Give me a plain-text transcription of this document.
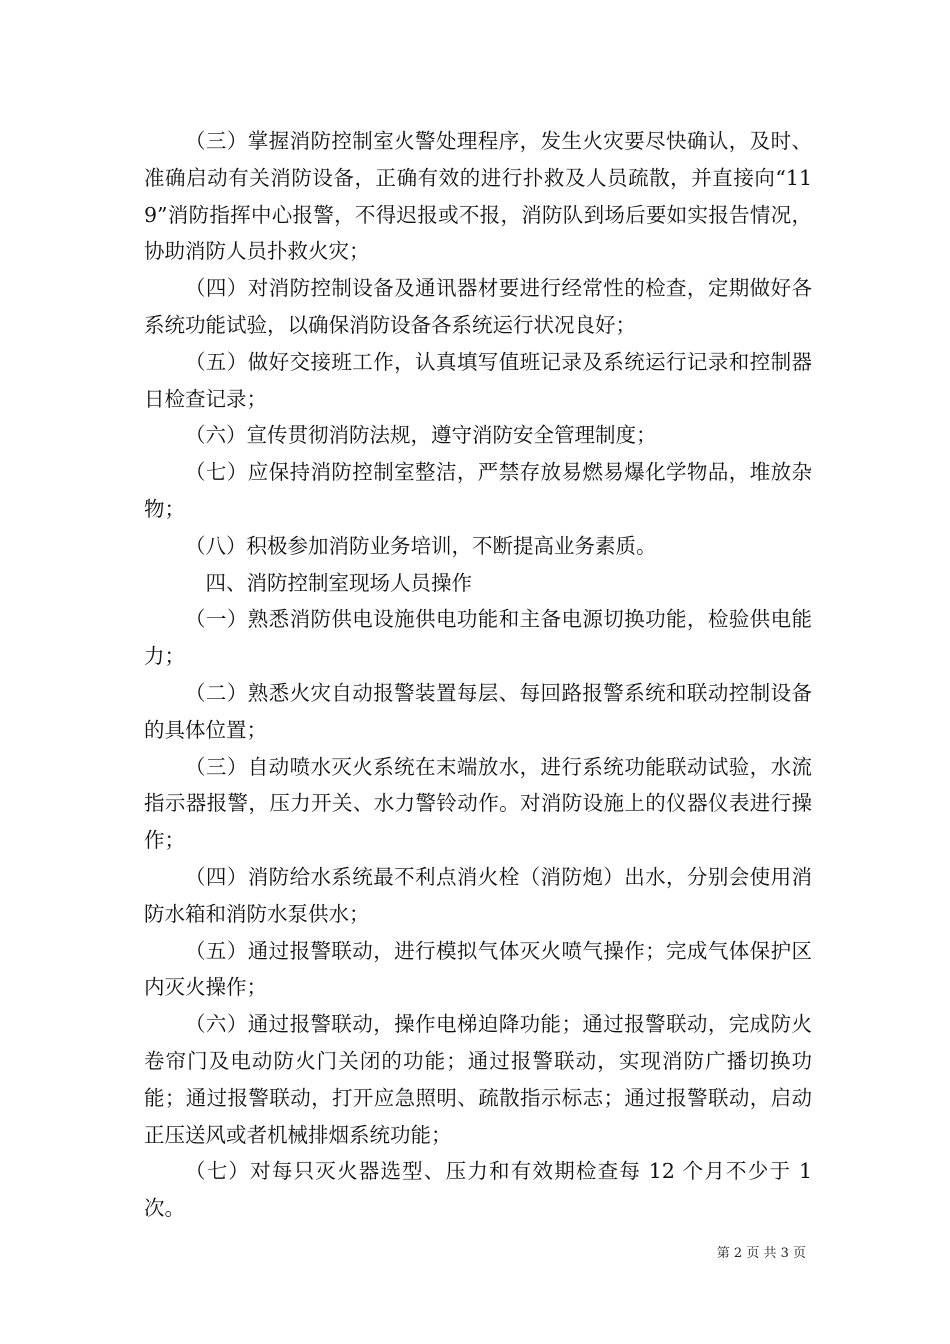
（三）掌握消防控制室火警处理程序，发生火灾要尽快确认，及时、准确启动有关消防设备，正确有效的进行扑救及人员疏散，并直接向“119”消防指挥中心报警，不得迟报或不报，消防队到场后要如实报告情况，协助消防人员扑救火灾；

（四）对消防控制设备及通讯器材要进行经常性的检查，定期做好各系统功能试验，以确保消防设备各系统运行状况良好；

（五）做好交接班工作，认真填写值班记录及系统运行记录和控制器日检查记录；

（六）宣传贯彻消防法规，遵守消防安全管理制度；

（七）应保持消防控制室整洁，严禁存放易燃易爆化学物品，堆放杂物；

（八）积极参加消防业务培训，不断提高业务素质。

四、消防控制室现场人员操作

（一）熟悉消防供电设施供电功能和主备电源切换功能，检验供电能力；

（二）熟悉火灾自动报警装置每层、每回路报警系统和联动控制设备的具体位置；

（三）自动喷水灭火系统在末端放水，进行系统功能联动试验，水流指示器报警，压力开关、水力警铃动作。对消防设施上的仪器仪表进行操作；

（四）消防给水系统最不利点消火栓（消防炮）出水，分别会使用消防水箱和消防水泵供水；

（五）通过报警联动，进行模拟气体灭火喷气操作；完成气体保护区内灭火操作；

（六）通过报警联动，操作电梯迫降功能；通过报警联动，完成防火卷帘门及电动防火门关闭的功能；通过报警联动，实现消防广播切换功能；通过报警联动，打开应急照明、疏散指示标志；通过报警联动，启动正压送风或者机械排烟系统功能；

（七）对每只灭火器选型、压力和有效期检查每 12 个月不少于 1 次。

第 2 页 共 3 页
